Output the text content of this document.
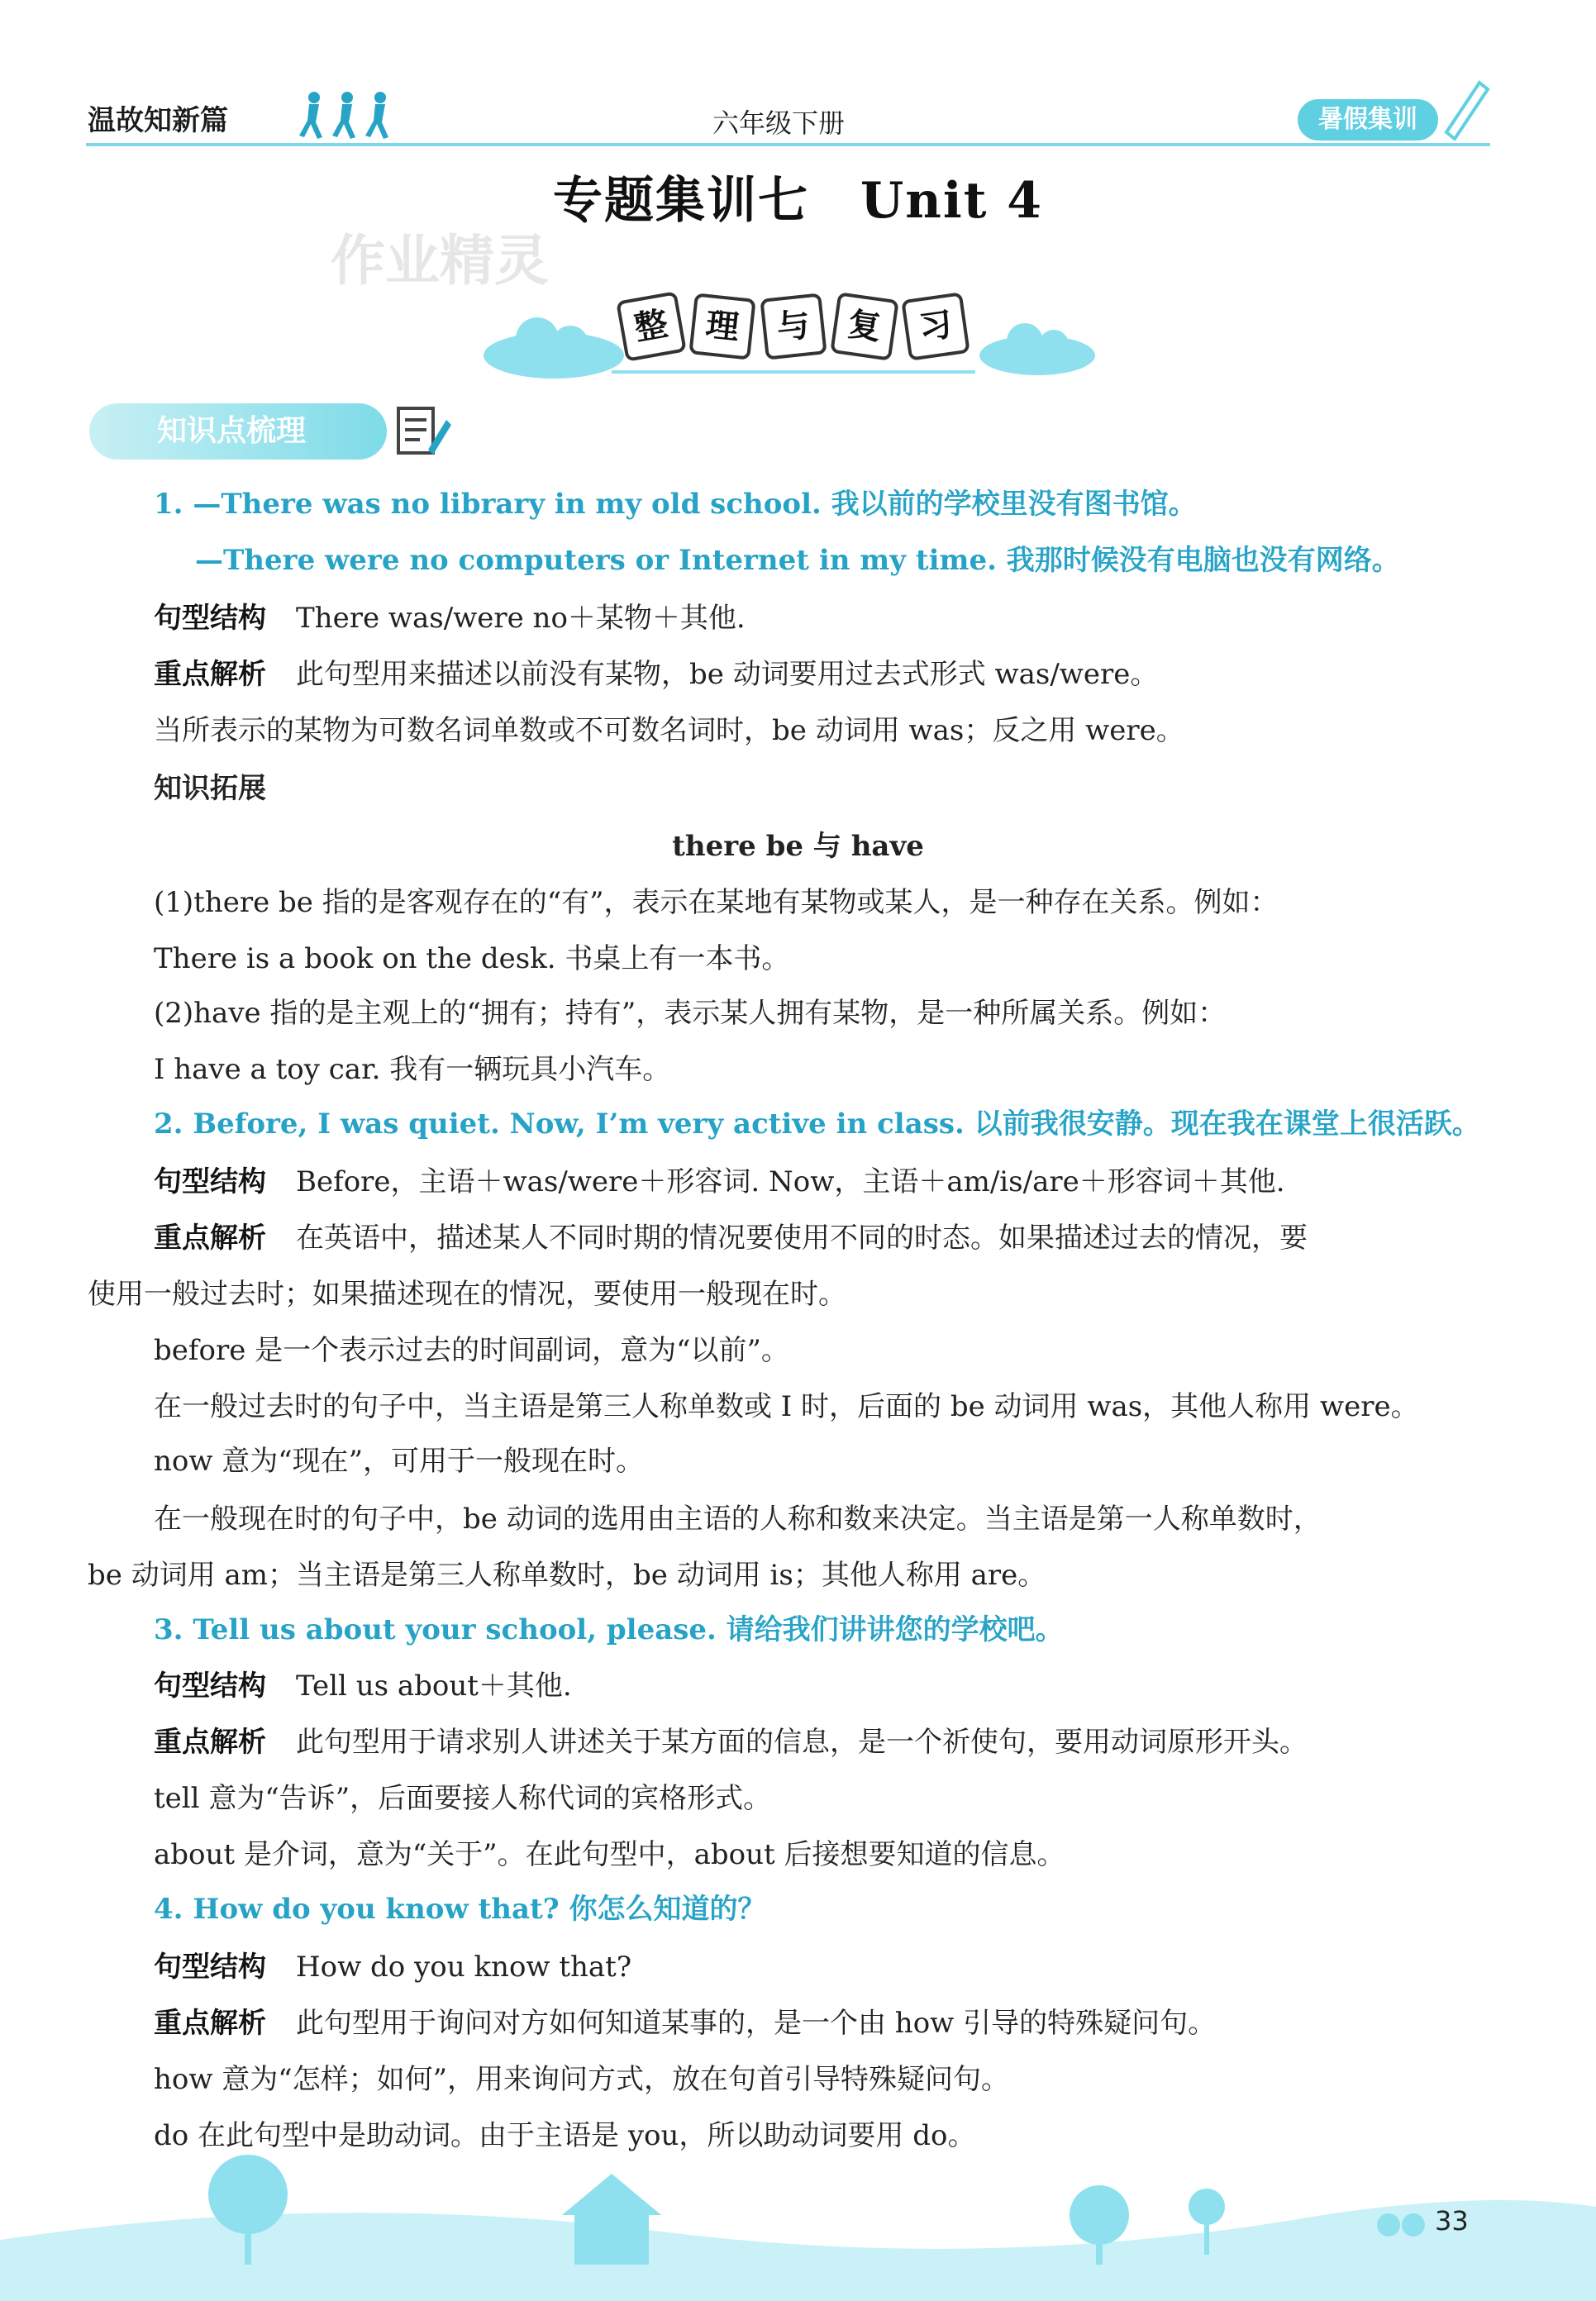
温故知新篇	六年级下册	暑假集训
专题集训七　Unit 4
作业精灵
整 理 与 复 习
知识点梳理
1. —There was no library in my old school. 我以前的学校里没有图书馆。
—There were no computers or Internet in my time. 我那时候没有电脑也没有网络。
句型结构 There was/were no＋某物＋其他.
重点解析 此句型用来描述以前没有某物，be 动词要用过去式形式 was/were。
当所表示的某物为可数名词单数或不可数名词时，be 动词用 was；反之用 were。
知识拓展
there be 与 have
(1)there be 指的是客观存在的“有”，表示在某地有某物或某人，是一种存在关系。例如：
There is a book on the desk. 书桌上有一本书。
(2)have 指的是主观上的“拥有；持有”，表示某人拥有某物，是一种所属关系。例如：
I have a toy car. 我有一辆玩具小汽车。
2. Before, I was quiet. Now, I’m very active in class. 以前我很安静。现在我在课堂上很活跃。
句型结构 Before，主语＋was/were＋形容词. Now，主语＋am/is/are＋形容词＋其他.
重点解析 在英语中，描述某人不同时期的情况要使用不同的时态。如果描述过去的情况，要
使用一般过去时；如果描述现在的情况，要使用一般现在时。
before 是一个表示过去的时间副词，意为“以前”。
在一般过去时的句子中，当主语是第三人称单数或 I 时，后面的 be 动词用 was，其他人称用 were。
now 意为“现在”，可用于一般现在时。
在一般现在时的句子中，be 动词的选用由主语的人称和数来决定。当主语是第一人称单数时，
be 动词用 am；当主语是第三人称单数时，be 动词用 is；其他人称用 are。
3. Tell us about your school, please. 请给我们讲讲您的学校吧。
句型结构 Tell us about＋其他.
重点解析 此句型用于请求别人讲述关于某方面的信息，是一个祈使句，要用动词原形开头。
tell 意为“告诉”，后面要接人称代词的宾格形式。
about 是介词，意为“关于”。在此句型中，about 后接想要知道的信息。
4. How do you know that? 你怎么知道的？
句型结构 How do you know that?
重点解析 此句型用于询问对方如何知道某事的，是一个由 how 引导的特殊疑问句。
how 意为“怎样；如何”，用来询问方式，放在句首引导特殊疑问句。
do 在此句型中是助动词。由于主语是 you，所以助动词要用 do。
33
